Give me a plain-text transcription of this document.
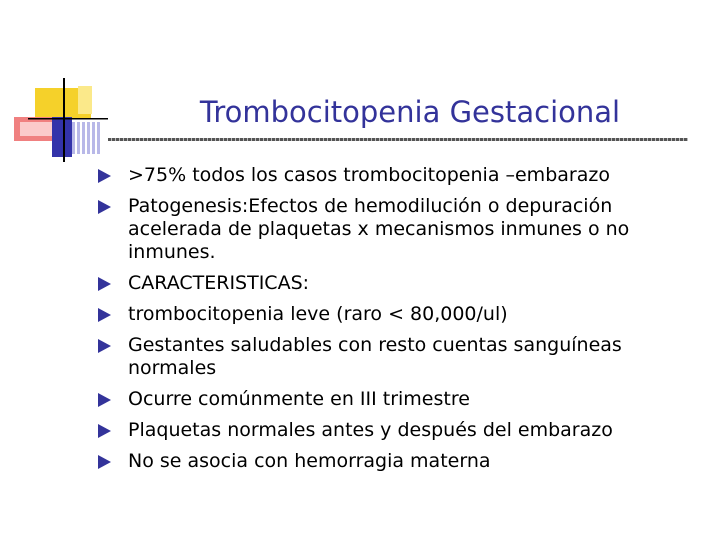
Trombocitopenia Gestacional
>75% todos los casos trombocitopenia –embarazo
Patogenesis:Efectos de hemodilución o depuración acelerada de plaquetas x mecanismos inmunes o no inmunes.
CARACTERISTICAS:
trombocitopenia leve (raro < 80,000/ul)
Gestantes saludables con resto cuentas sanguíneas normales
Ocurre comúnmente en III trimestre
Plaquetas normales antes y después del embarazo
No se asocia con hemorragia materna
